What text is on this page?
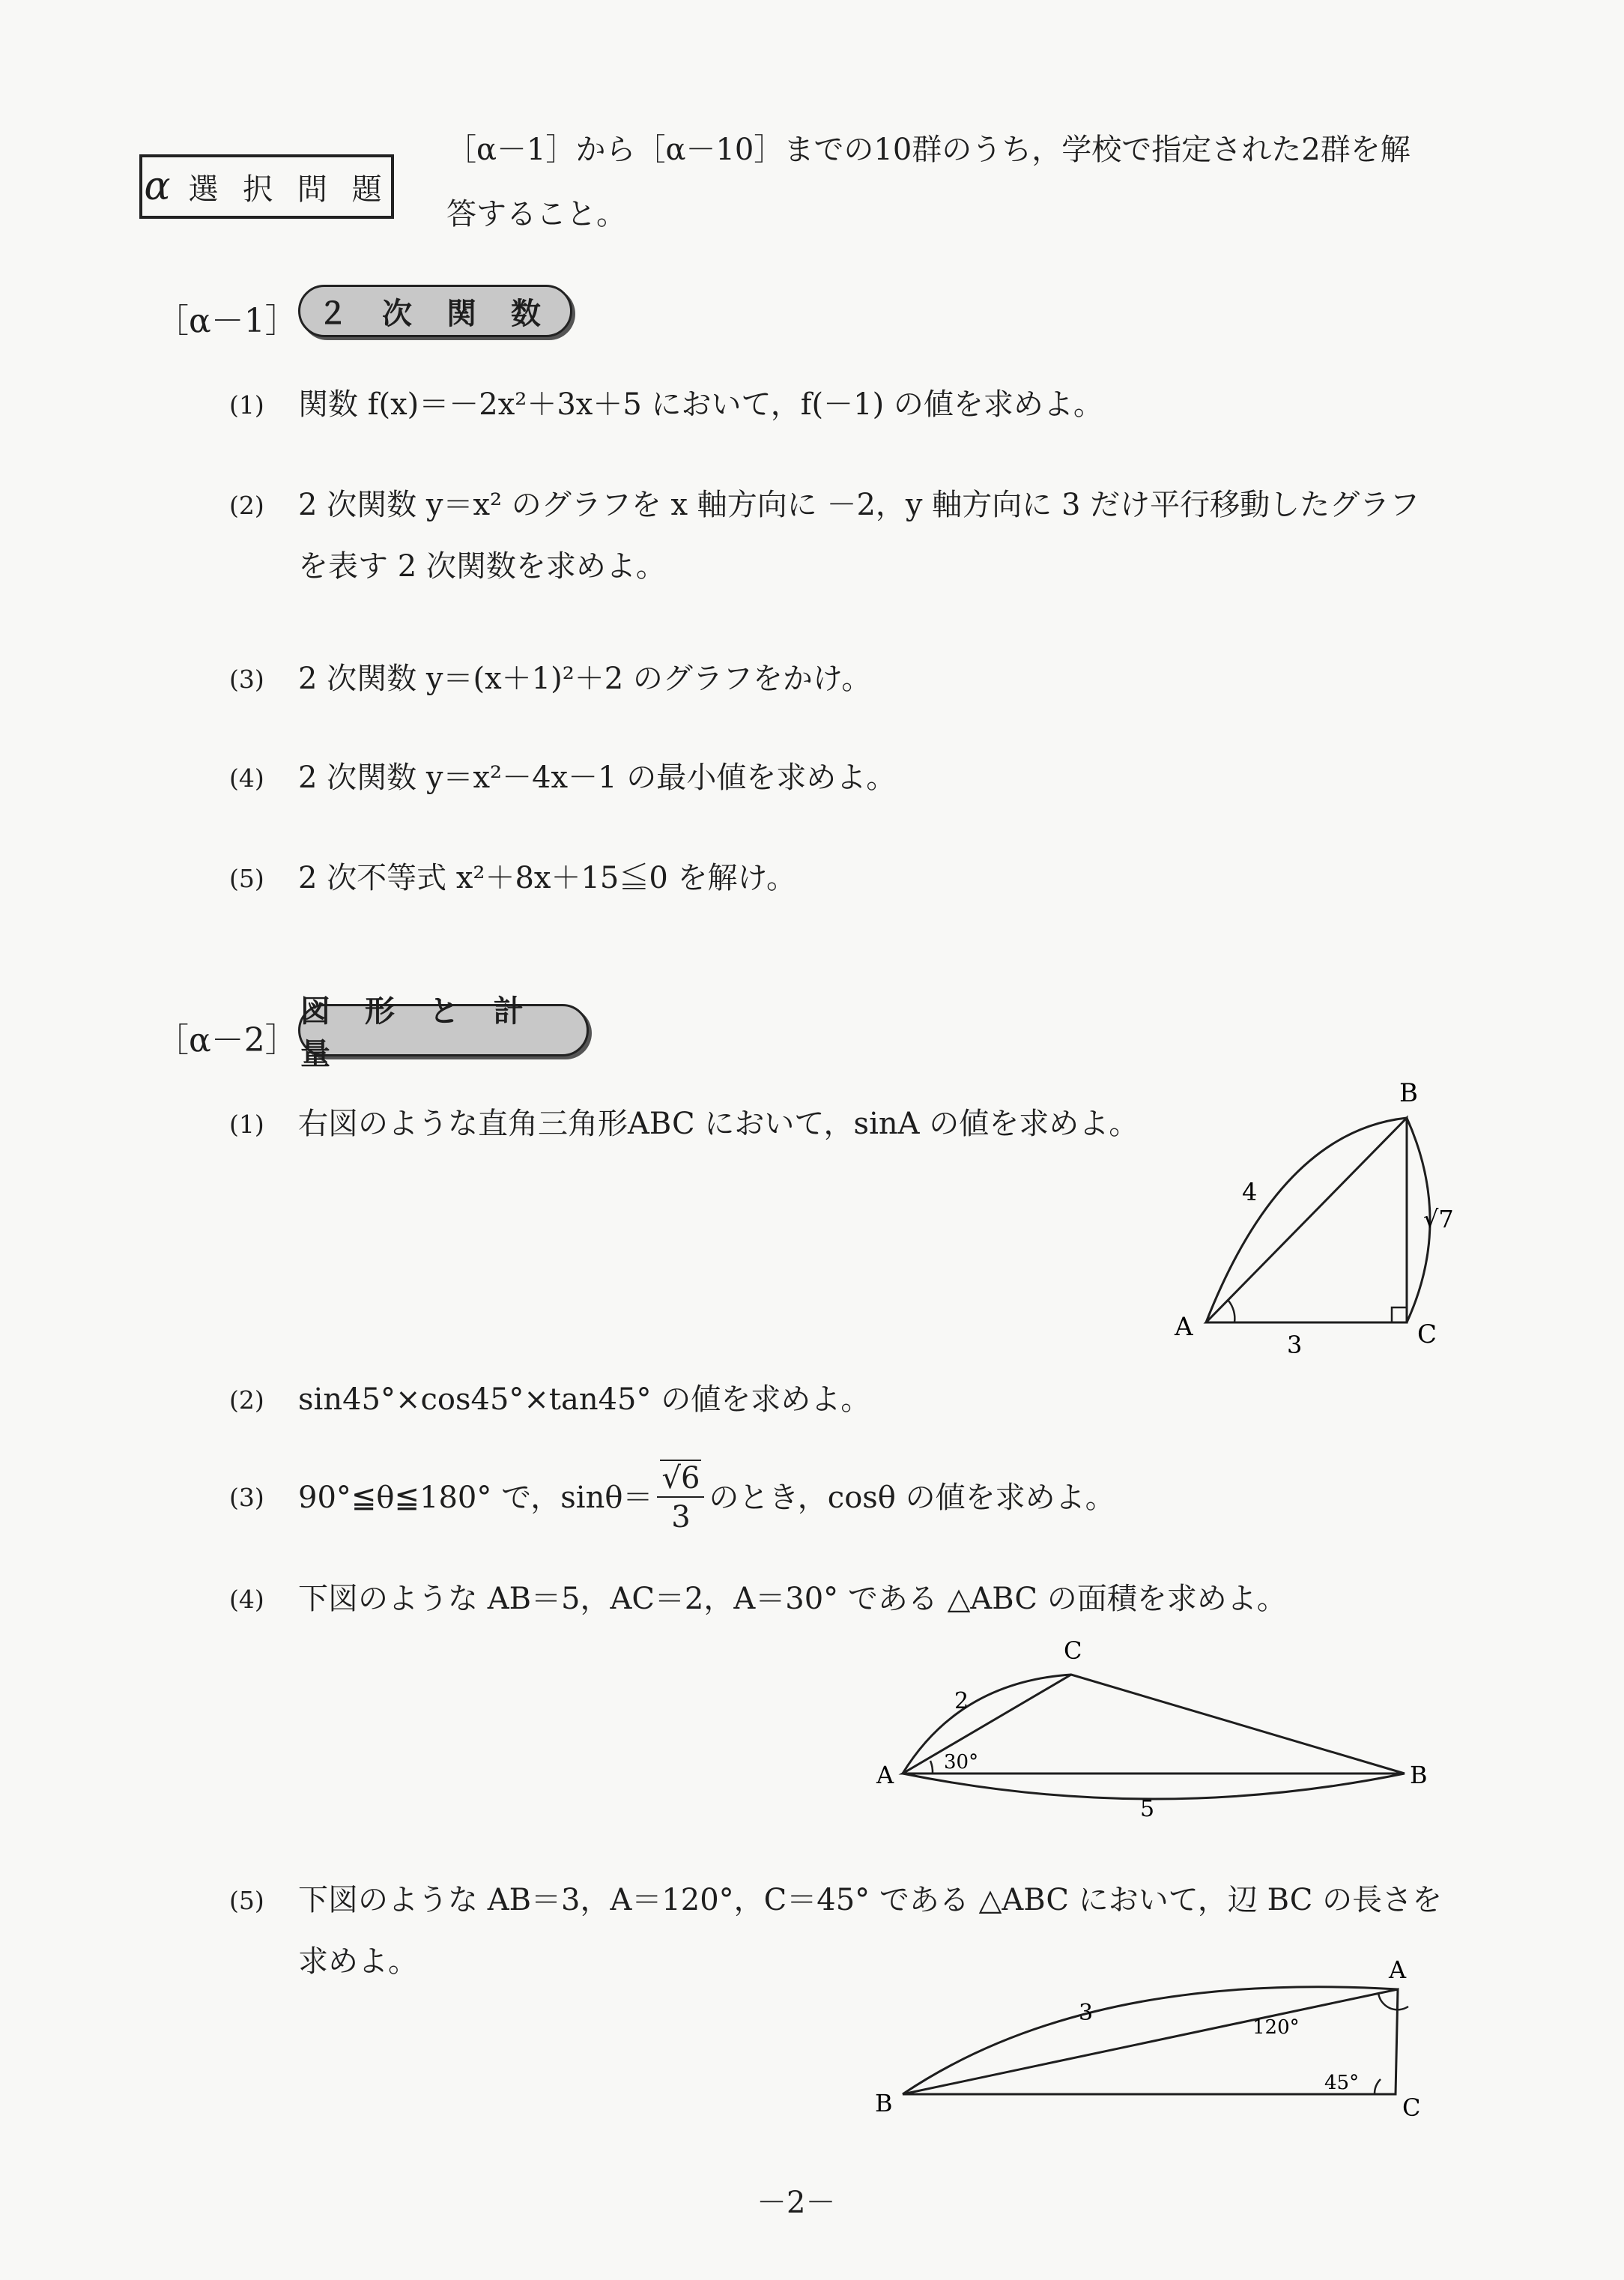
α 選 択 問 題
［α－1］から［α－10］までの10群のうち，学校で指定された2群を解
答すること。
［α－1］ ２ 次 関 数
(1) 関数 f(x)＝－2x²＋3x＋5 において，f(－1) の値を求めよ。
(2) 2 次関数 y＝x² のグラフを x 軸方向に －2，y 軸方向に 3 だけ平行移動したグラフ
を表す 2 次関数を求めよ。
(3) 2 次関数 y＝(x＋1)²＋2 のグラフをかけ。
(4) 2 次関数 y＝x²－4x－1 の最小値を求めよ。
(5) 2 次不等式 x²＋8x＋15≦0 を解け。
［α－2］
図 形 と 計 量
(1) 右図のような直角三角形ABC において，sinA の値を求めよ。
(2) sin45°×cos45°×tan45° の値を求めよ。
(3) 90°≦θ≦180° で，$\sin\theta= \frac{√6}{3}$ のとき，cosθ の値を求めよ。
(4) 下図のような AB＝5，AC＝2，A＝30° である △ABC の面積を求めよ。
(5) 下図のような AB＝3，A＝120°，C＝45° である △ABC において，辺 BC の長さを
求めよ。
B
A	C
4
√7
3
C
A	B
2
5
30°
A
B	C
3
120°
45°
－2－
